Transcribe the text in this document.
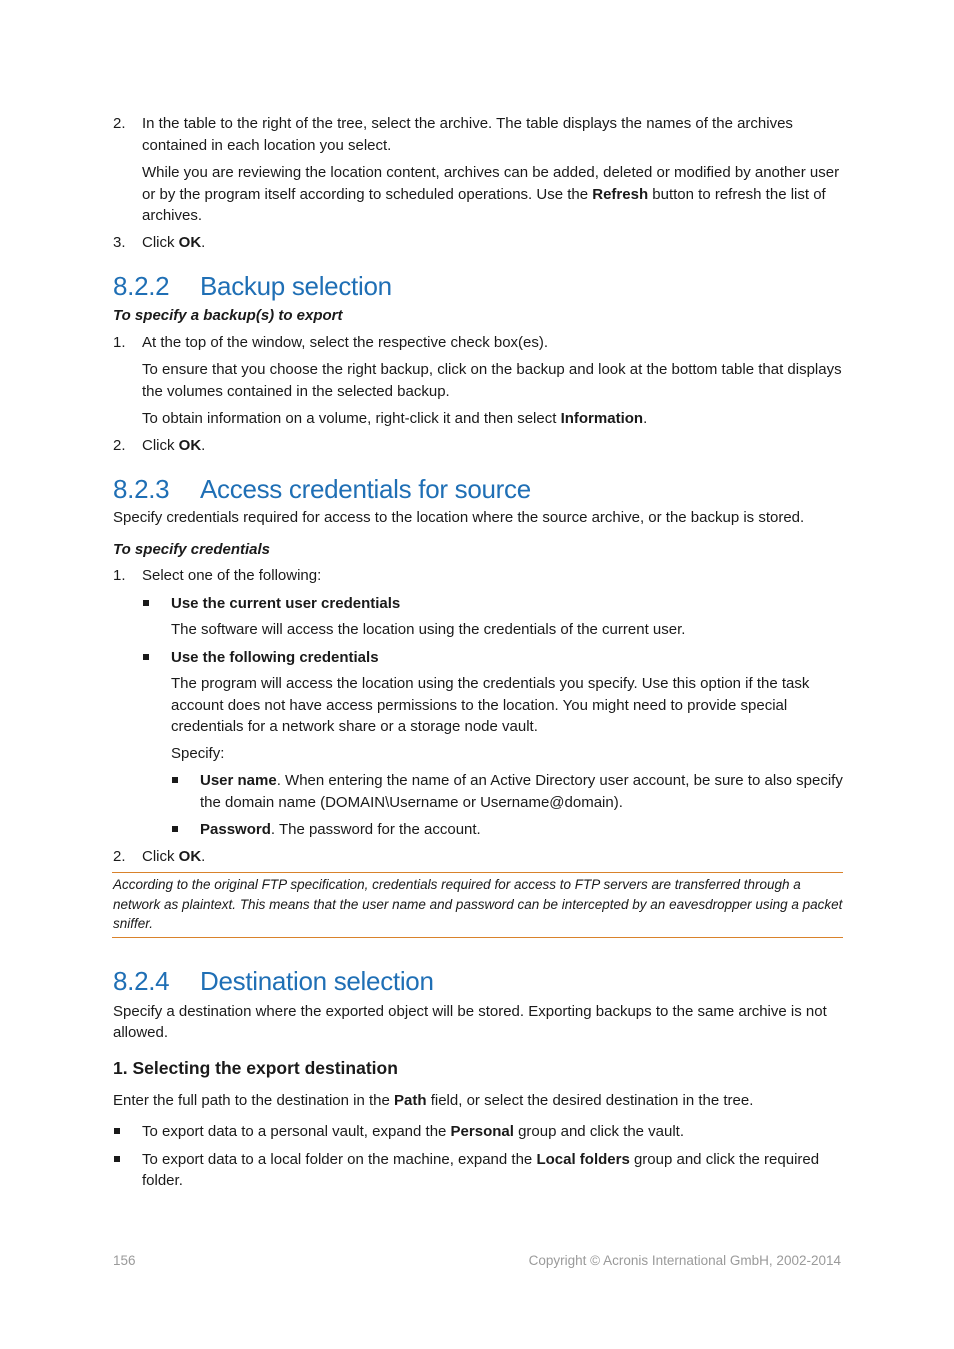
2. In the table to the right of the tree, select the archive. The table displays the names of the archives contained in each location you select.

While you are reviewing the location content, archives can be added, deleted or modified by another user or by the program itself according to scheduled operations. Use the Refresh button to refresh the list of archives.

3. Click OK.

8.2.2 Backup selection

To specify a backup(s) to export

1. At the top of the window, select the respective check box(es).

To ensure that you choose the right backup, click on the backup and look at the bottom table that displays the volumes contained in the selected backup.

To obtain information on a volume, right-click it and then select Information.

2. Click OK.

8.2.3 Access credentials for source

Specify credentials required for access to the location where the source archive, or the backup is stored.

To specify credentials

1. Select one of the following:

Use the current user credentials

The software will access the location using the credentials of the current user.

Use the following credentials

The program will access the location using the credentials you specify. Use this option if the task account does not have access permissions to the location. You might need to provide special credentials for a network share or a storage node vault.

Specify:

User name. When entering the name of an Active Directory user account, be sure to also specify the domain name (DOMAIN\Username or Username@domain).

Password. The password for the account.

2. Click OK.

According to the original FTP specification, credentials required for access to FTP servers are transferred through a network as plaintext. This means that the user name and password can be intercepted by an eavesdropper using a packet sniffer.

8.2.4 Destination selection

Specify a destination where the exported object will be stored. Exporting backups to the same archive is not allowed.

1. Selecting the export destination

Enter the full path to the destination in the Path field, or select the desired destination in the tree.

To export data to a personal vault, expand the Personal group and click the vault.

To export data to a local folder on the machine, expand the Local folders group and click the required folder.

156	Copyright © Acronis International GmbH, 2002-2014
